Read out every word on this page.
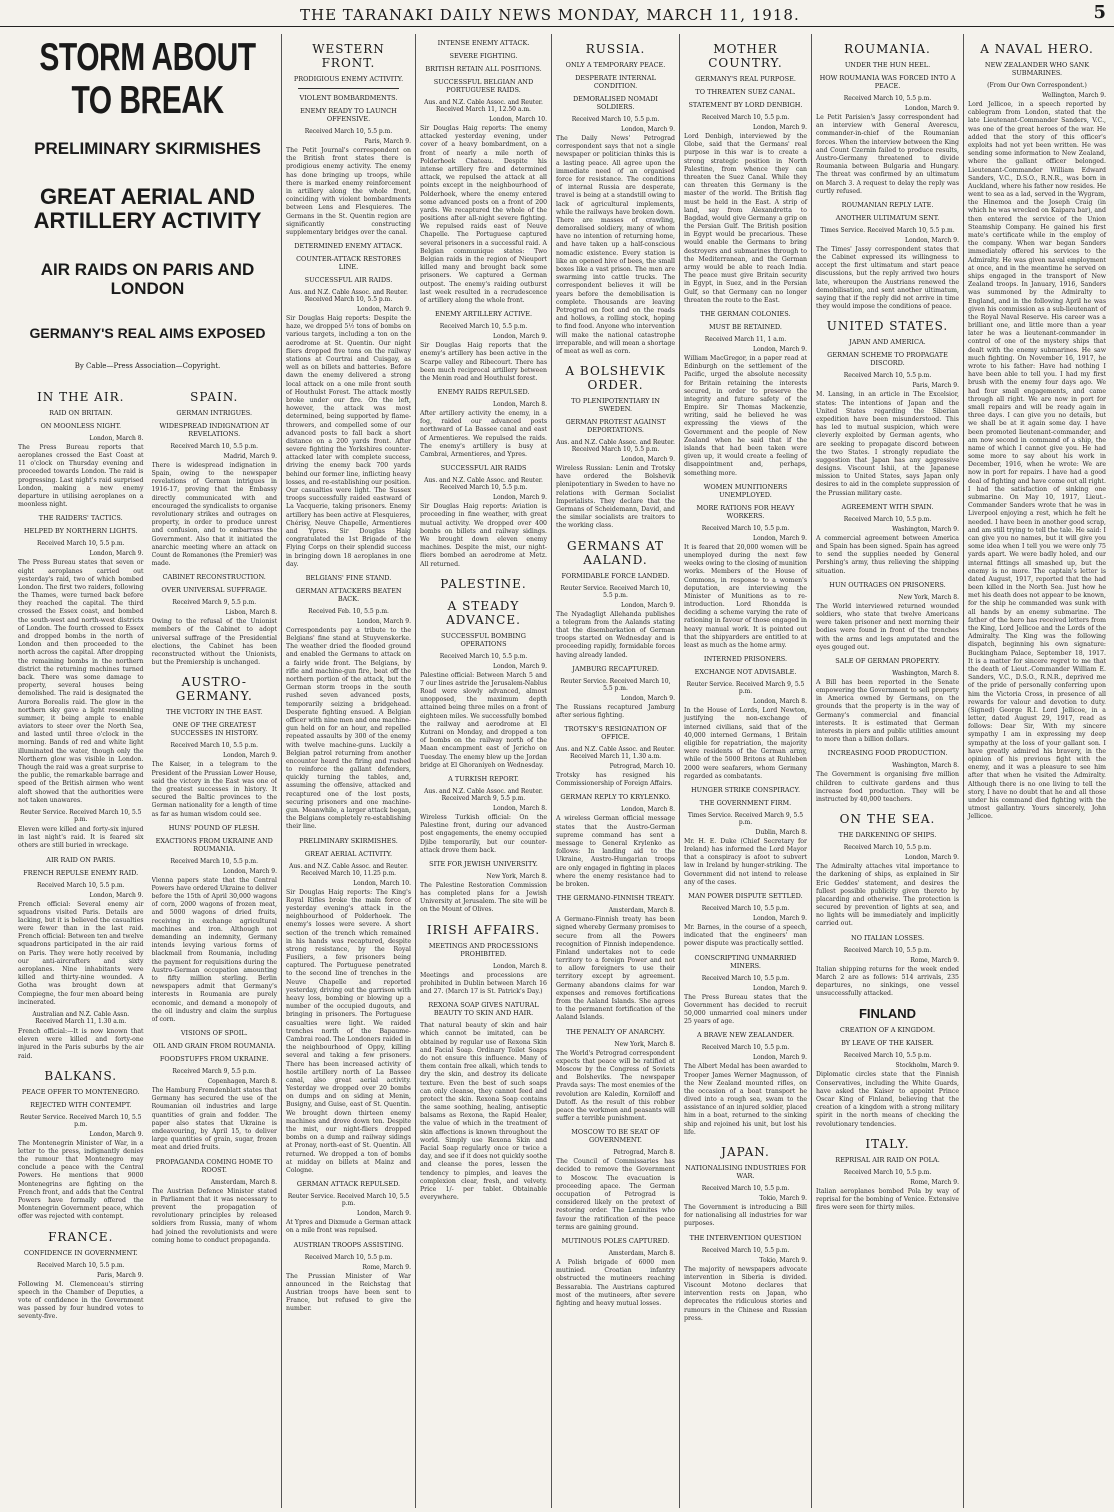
THE TARANAKI DAILY NEWS MONDAY, MARCH 11, 1918.	5
STORM ABOUT TO BREAK
PRELIMINARY SKIRMISHES
GREAT AERIAL AND ARTILLERY ACTIVITY
AIR RAIDS ON PARIS AND LONDON
GERMANY'S REAL AIMS EXPOSED
By Cable—Press Association—Copyright.
IN THE AIR.
RAID ON BRITAIN.
ON MOONLESS NIGHT.
London, March 8.

The Press Bureau reports that aeroplanes crossed the East Coast at 11 o'clock on Thursday evening and proceeded towards London. The raid is progressing. Last night's raid surprised London, making a new enemy departure in utilising aeroplanes on a moonless night.

THE RAIDERS' TACTICS.
HELPED BY NORTHERN LIGHTS.
Received March 10, 5.5 p.m.
London, March 9.

The Press Bureau states that seven or eight aeroplanes carried out yesterday's raid, two of which bombed London. The first two raiders, following the Thames, were turned back before they reached the capital. The third crossed the Essex coast, and bombed the south-west and north-west districts of London. The fourth crossed to Essex and dropped bombs in the north of London and then proceeded to the north across the capital. After dropping the remaining bombs in the northern district the returning machines turned back. There was some damage to property, several houses being demolished. The raid is designated the Aurora Borealis raid. The glow in the northern sky gave a light resembling summer, it being ample to enable aviators to steer over the North Sea, and lasted until three o'clock in the morning. Bands of red and white light illuminated the water, though only the Northern glow was visible in London. Though the raid was a great surprise to the public, the remarkable barrage and speed of the British airmen who went aloft showed that the authorities were not taken unawares.

Reuter Service. Received March 10, 5.5 p.m.

Eleven were killed and forty-six injured in last night's raid. It is feared six others are still buried in wreckage.

AIR RAID ON PARIS.
FRENCH REPULSE ENEMY RAID.
Received March 10, 5.5 p.m.
London, March 9.

French official: Several enemy air squadrons visited Paris. Details are lacking, but it is believed the casualties were fewer than in the last raid. French official: Between ten and twelve squadrons participated in the air raid on Paris. They were hotly received by our anti-aircrafters and sixty aeroplanes. Nine inhabitants were killed and thirty-nine wounded. A Gotha was brought down at Compiegne, the four men aboard being incinerated.

Australian and N.Z. Cable Assn. Received March 11, 1.30 a.m.

French official:—It is now known that eleven were killed and forty-one injured in the Paris suburbs by the air raid.

BALKANS.
PEACE OFFER TO MONTENEGRO.
REJECTED WITH CONTEMPT.
Reuter Service. Received March 10, 5.5 p.m.
London, March 9.

The Montenegrin Minister of War, in a letter to the press, indignantly denies the rumour that Montenegro may conclude a peace with the Central Powers. He mentions that 9000 Montenegrins are fighting on the French front, and adds that the Central Powers have formally offered the Montenegrin Government peace, which offer was rejected with contempt.

FRANCE.
CONFIDENCE IN GOVERNMENT.
Received March 10, 5.5 p.m.
Paris, March 9.

Following M. Clemenceau's stirring speech in the Chamber of Deputies, a vote of confidence in the Government was passed by four hundred votes to seventy-five.

SPAIN.
GERMAN INTRIGUES.
WIDESPREAD INDIGNATION AT REVELATIONS.
Received March 10, 5.5 p.m.
Madrid, March 9.

There is widespread indignation in Spain, owing to the newspaper revelations of German intrigues in 1916-17, proving that the Embassy directly communicated with and encouraged the syndicalists to organise revolutionary strikes and outrages on property, in order to produce unrest and confusion, and to embarrass the Government. Also that it initiated the anarchic meeting where an attack on Count de Romanones (the Premier) was made.

CABINET RECONSTRUCTION.
OVER UNIVERSAL SUFFRAGE.
Received March 9, 5.5 p.m.
Lisbon, March 8.

Owing to the refusal of the Unionist members of the Cabinet to adopt universal suffrage of the Presidential elections, the Cabinet has been reconstructed without the Unionists, but the Premiership is unchanged.

AUSTRO-GERMANY.
THE VICTORY IN THE EAST.
ONE OF THE GREATEST SUCCESSES IN HISTORY.
Received March 10, 5.5 p.m.
London, March 9.

The Kaiser, in a telegram to the President of the Prussian Lower House, said the victory in the East was one of the greatest successes in history. It secured the Baltic provinces to the German nationality for a length of time as far as human wisdom could see.

HUNS' POUND OF FLESH.
EXACTIONS FROM UKRAINE AND ROUMANIA.
Received March 10, 5.5 p.m.
London, March 9.

Vienna papers state that the Central Powers have ordered Ukraine to deliver before the 15th of April 30,000 wagons of corn, 2000 wagons of frozen meat, and 5000 wagons of dried fruits, receiving in exchange agricultural machines and iron. Although not demanding an indemnity, Germany intends levying various forms of blackmail from Roumania, including the payment for requisitions during the Austro-German occupation amounting to fifty million sterling. Berlin newspapers admit that Germany's interests in Roumania are purely economic, and demand a monopoly of the oil industry and claim the surplus of corn.

VISIONS OF SPOIL.
OIL AND GRAIN FROM ROUMANIA.
FOODSTUFFS FROM UKRAINE.
Received March 9, 5.5 p.m.
Copenhagen, March 8.

The Hamburg Fremdenblatt states that Germany has secured the use of the Roumanian oil industries and large quantities of grain and fodder. The paper also states that Ukraine is endeavouring, by April 15, to deliver large quantities of grain, sugar, frozen meat and dried fruits.

PROPAGANDA COMING HOME TO ROOST.
Amsterdam, March 8.

The Austrian Defence Minister stated in Parliament that it was necessary to prevent the propagation of revolutionary principles by released soldiers from Russia, many of whom had joined the revolutionists and were coming home to conduct propaganda.

WESTERN FRONT.
PRODIGIOUS ENEMY ACTIVITY.
VIOLENT BOMBARDMENTS.
ENEMY READY TO LAUNCH OFFENSIVE.
Received March 10, 5.5 p.m.
Paris, March 9.

The Petit Journal's correspondent on the British front states there is prodigious enemy activity. The enemy has done bringing up troops, while there is marked enemy reinforcement in artillery along the whole front, coinciding with violent bombardments between Lens and Flesquieres. The Germans in the St. Quentin region are significantly constructing supplementary bridges over the canal.

DETERMINED ENEMY ATTACK.
COUNTER-ATTACK RESTORES LINE.
SUCCESSFUL AIR RAIDS.
Aus. and N.Z. Cable Assoc. and Reuter. Received March 10, 5.5 p.m.
London, March 9.

Sir Douglas Haig reports: Despite the haze, we dropped 5½ tons of bombs on various targets, including a ton on the aerodrome at St. Quentin. Our night fliers dropped five tons on the railway stations at Courtrai and Cuisgay, as well as on billets and batteries. Before dawn the enemy delivered a strong local attack on a one mile front south of Houthulst Forest. The attack mostly broke under our fire. On the left, however, the attack was most determined, being supported by flame-throwers, and compelled some of our advanced posts to fall back a short distance on a 200 yards front. After severe fighting the Yorkshires counter-attacked later with complete success, driving the enemy back 700 yards behind our former line, inflicting heavy losses, and re-establishing our position. Our casualties were light. The Sussex troops successfully raided eastward of La Vacquerie, taking prisoners. Enemy artillery has been active at Flesquieres, Chérisy, Neuve Chapelle, Armentieres and Ypres. Sir Douglas Haig congratulated the 1st Brigade of the Flying Corps on their splendid success in bringing down 18 aeroplanes in one day.

BELGIANS' FINE STAND.
GERMAN ATTACKERS BEATEN BACK.
Received Feb. 10, 5.5 p.m.
London, March 9.

Correspondents pay a tribute to the Belgians' fine stand at Stuyvenskerke. The weather dried the flooded ground and enabled the Germans to attack on a fairly wide front. The Belgians, by rifle and machine-gun fire, beat off the northern portion of the attack, but the German storm troops in the south rushed seven advanced posts, temporarily seizing a bridgehead. Desperate fighting ensued. A Belgian officer with nine men and one machine-gun held on for an hour, and repelled repeated assaults by 300 of the enemy with twelve machine-guns. Luckily a Belgian patrol returning from another encounter heard the firing and rushed to reinforce the gallant defenders, quickly turning the tables, and, assuming the offensive, attacked and recaptured one of the lost posts, securing prisoners and one machine-gun. Meanwhile, a larger attack began, the Belgians completely re-establishing their line.

PRELIMINARY SKIRMISHES.
GREAT AERIAL ACTIVITY.
Aus. and N.Z. Cable Assoc. and Reuter. Received March 10, 11.25 p.m.
London, March 10.

Sir Douglas Haig reports: The King's Royal Rifles broke the main force of yesterday evening's attack in the neighbourhood of Polderhoek. The enemy's losses were severe. A short section of the trench which remained in his hands was recaptured, despite strong resistance, by the Royal Fusiliers, a few prisoners being captured. The Portuguese penetrated to the second line of trenches in the Neuve Chapelle and reported yesterday, driving out the garrison with heavy loss, bombing or blowing up a number of the occupied dugouts, and bringing in prisoners. The Portuguese casualties were light. We raided trenches north of the Bapaume-Cambrai road. The Londoners raided in the neighbourhood of Oppy, killing several and taking a few prisoners. There has been increased activity of hostile artillery north of La Bassee canal, also great aerial activity. Yesterday we dropped over 20 bombs on dumps and on siding at Menin, Busigny, and Guise, east of St. Quentin. We brought down thirteen enemy machines and drove down ten. Despite the mist, our night-fliers dropped bombs on a dump and railway sidings at Pronay, north-east of St. Quentin. All returned. We dropped a ton of bombs at midday on billets at Mainz and Cologne.

GERMAN ATTACK REPULSED.
Reuter Service. Received March 10, 5.5 p.m.
London, March 9.

At Ypres and Dixmude a German attack on a mile front was repulsed.

AUSTRIAN TROOPS ASSISTING.
Received March 10, 5.5 p.m.
Rome, March 9.

The Prussian Minister of War announced in the Reichstag that Austrian troops have been sent to France, but refused to give the number.

INTENSE ENEMY ATTACK.
SEVERE FIGHTING.
BRITISH RETAIN ALL POSITIONS.
SUCCESSFUL BELGIAN AND PORTUGUESE RAIDS.
Aus. and N.Z. Cable Assoc. and Reuter. Received March 11, 12.50 a.m.
London, March 10.

Sir Douglas Haig reports: The enemy attacked yesterday evening, under cover of a heavy bombardment, on a front of nearly a mile north of Polderhoek Chateau. Despite his intense artillery fire and determined attack, we repulsed the attack at all points except in the neighbourhood of Polderhoek, where the enemy entered some advanced posts on a front of 200 yards. We recaptured the whole of the positions after all-night severe fighting. We repulsed raids east of Neuve Chapelle. The Portuguese captured several prisoners in a successful raid. A Belgian communique states: Two Belgian raids in the region of Nieuport killed many and brought back some prisoners. We captured a German outpost. The enemy's raiding outburst last week resulted in a recrudescence of artillery along the whole front.

ENEMY ARTILLERY ACTIVE.
Received March 10, 5.5 p.m.
London, March 9.

Sir Douglas Haig reports that the enemy's artillery has been active in the Scarpe valley and Ribecourt. There has been much reciprocal artillery between the Menin road and Houthulst forest.

ENEMY RAIDS REPULSED.
London, March 8.

After artillery activity the enemy, in a fog, raided our advanced posts northward of La Bassee canal and east of Armentieres. We repulsed the raids. The enemy's artillery is busy at Cambrai, Armentieres, and Ypres.

SUCCESSFUL AIR RAIDS
Aus. and N.Z. Cable Assoc. and Reuter. Received March 10, 5.5 p.m.
London, March 9.

Sir Douglas Haig reports: Aviation is proceeding in fine weather, with great mutual activity. We dropped over 400 bombs on billets and railway sidings. We brought down eleven enemy machines. Despite the mist, our night-fliers bombed an aerodrome at Metz. All returned.

PALESTINE.
A STEADY ADVANCE.
SUCCESSFUL BOMBING OPERATIONS
Received March 10, 5.5 p.m.
London, March 9.

Palestine official: Between March 5 and 7 our lines astride the Jerusalem-Nablus Road were slowly advanced, almost unopposed, the maximum depth attained being three miles on a front of eighteen miles. We successfully bombed the railway and aerodrome at El Kutrani on Monday, and dropped a ton of bombs on the railway north of the Maan encampment east of Jericho on Tuesday. The enemy blew up the Jordan bridge at El Ghoraniyeh on Wednesday.

A TURKISH REPORT.
Aus. and N.Z. Cable Assoc. and Reuter. Received March 9, 5.5 p.m.
London, March 8.

Wireless Turkish official: On the Palestine front, during our advanced post engagements, the enemy occupied Djibe temporarily, but our counter-attack drove them back.

SITE FOR JEWISH UNIVERSITY.
New York, March 8.

The Palestine Restoration Commission has completed plans for a Jewish University at Jerusalem. The site will be on the Mount of Olives.

IRISH AFFAIRS.
MEETINGS AND PROCESSIONS PROHIBITED.
London, March 8.

Meetings and processions are prohibited in Dublin between March 16 and 27. (March 17 is St. Patrick's Day.)

REXONA SOAP GIVES NATURAL BEAUTY TO SKIN AND HAIR.

That natural beauty of skin and hair which cannot be imitated, can be obtained by regular use of Rexona Skin and Facial Soap. Ordinary Toilet Soaps do not ensure this influence. Many of them contain free alkali, which tends to dry the skin, and destroy its delicate texture. Even the best of such soaps can only cleanse, they cannot feed and protect the skin. Rexona Soap contains the same soothing, healing, antiseptic balsams as Rexona, the Rapid Healer, the value of which in the treatment of skin affections is known throughout the world. Simply use Rexona Skin and Facial Soap regularly once or twice a day, and see if it does not quickly soothe and cleanse the pores, lessen the tendency to pimples, and leaves the complexion clear, fresh, and velvety. Price 1/- per tablet. Obtainable everywhere.

RUSSIA.
ONLY A TEMPORARY PEACE.
DESPERATE INTERNAL CONDITION.
DEMORALISED NOMADI SOLDIERS.
Received March 10, 5.5 p.m.
London, March 9.

The Daily News' Petrograd correspondent says that not a single newspaper or politician thinks this is a lasting peace. All agree upon the immediate need of an organised force for resistance. The conditions of internal Russia are desperate, travel is being at a standstill owing to lack of agricultural implements, while the railways have broken down. There are masses of crawling, demoralised soldiery, many of whom have no intention of returning home, and have taken up a half-conscious nomadic existence. Every station is like an opened hive of bees, the small boxes like a vast prison. The men are swarming into cattle trucks. The correspondent believes it will be years before the demobilisation is complete. Thousands are leaving Petrograd on foot and on the roads and hollows, a rolling stock, hoping to find food. Anyone who intervention will make the national catastrophe irreparable, and will mean a shortage of meat as well as corn.

A BOLSHEVIK ORDER.
TO PLENIPOTENTIARY IN SWEDEN.
GERMAN PROTEST AGAINST DEPORTATIONS.
Aus. and N.Z. Cable Assoc. and Reuter. Received March 10, 5.5 p.m.
London, March 9.

Wireless Russian: Lenin and Trotsky have ordered the Bolshevik plenipotentiary in Sweden to have no relations with German Socialist Imperialists. They declare that the Germans of Scheidemann, David, and the similar socialists are traitors to the working class.

GERMANS AT AALAND.
FORMIDABLE FORCE LANDED.
Reuter Service. Received March 10, 5.5 p.m.
London, March 9.

The Nyadagligt Allehanda publishes a telegram from the Aalands stating that the disembarkation of German troops started on Wednesday and is proceeding rapidly, formidable forces having already landed.

JAMBURG RECAPTURED.
Reuter Service. Received March 10, 5.5 p.m.
London, March 9.

The Russians recaptured Jamburg after serious fighting.

TROTSKY'S RESIGNATION OF OFFICE.
Aus. and N.Z. Cable Assoc. and Reuter. Received March 11, 1.30 a.m.
Petrograd, March 10.

Trotsky has resigned his Commissionership of Foreign Affairs.

GERMAN REPLY TO KRYLENKO.
London, March 8.

A wireless German official message states that the Austro-German supreme command has sent a message to General Krylenko as follows: In landing aid to the Ukraine, Austro-Hungarian troops are only engaged in fighting in places where the enemy resistance had to be broken.

THE GERMANO-FINNISH TREATY.
Amsterdam, March 8.

A Germano-Finnish treaty has been signed whereby Germany promises to secure from all the Powers recognition of Finnish independence. Finland undertakes not to cede territory to a foreign Power and not to allow foreigners to use their territory except by agreement. Germany abandons claims for war expenses and removes fortifications from the Aaland Islands. She agrees to the permanent fortification of the Aaland Islands.

THE PENALTY OF ANARCHY.
New York, March 8.

The World's Petrograd correspondent expects that peace will be ratified at Moscow by the Congress of Soviets and Bolsheviks. The newspaper Pravda says: The most enemies of the revolution are Kaledin, Korniloff and Dutoff. As the result of this robber peace the workmen and peasants will suffer a terrible punishment.

MOSCOW TO BE SEAT OF GOVERNMENT.
Petrograd, March 8.

The Council of Commissaries has decided to remove the Government to Moscow. The evacuation is proceeding apace. The German occupation of Petrograd is considered likely on the pretext of restoring order. The Leninites who favour the ratification of the peace terms are gaining ground.

MUTINOUS POLES CAPTURED.
Amsterdam, March 8.

A Polish brigade of 6000 men mutinied. Croatian infantry obstructed the mutineers reaching Bessarabia. The Austrians captured most of the mutineers, after severe fighting and heavy mutual losses.

MOTHER COUNTRY.
GERMANY'S REAL PURPOSE.
TO THREATEN SUEZ CANAL.
STATEMENT BY LORD DENBIGH.
Received March 10, 5.5 p.m.
London, March 9.

Lord Denbigh, interviewed by the Globe, said that the Germans' real purpose in this war is to create a strong strategic position in North Palestine, from whence they can threaten the Suez Canal. While they can threaten this Germany is the master of the world. The British flag must be held in the East. A strip of land, say from Alexandretta to Bagdad, would give Germany a grip on the Persian Gulf. The British position in Egypt would be precarious. These would enable the Germans to bring destroyers and submarines through to the Mediterranean, and the German army would be able to reach India. The peace must give Britain security in Egypt, in Suez, and in the Persian Gulf, so that Germany can no longer threaten the route to the East.

THE GERMAN COLONIES.
MUST BE RETAINED.
Received March 11, 1 a.m.
London, March 9.

William MacGregor, in a paper read at Edinburgh on the settlement of the Pacific, urged the absolute necessity for Britain retaining the interests secured, in order to preserve the integrity and future safety of the Empire. Sir Thomas Mackenzie, writing, said he believed he was expressing the views of the Government and the people of New Zealand when he said that if the islands that had been taken were given up, it would create a feeling of disappointment and, perhaps, something more.

WOMEN MUNITIONERS UNEMPLOYED.
MORE RATIONS FOR HEAVY WORKERS.
Received March 10, 5.5 p.m.
London, March 9.

It is feared that 20,000 women will be unemployed during the next few weeks owing to the closing of munition works. Members of the House of Commons, in response to a women's deputation, are interviewing the Minister of Munitions as to re-introduction. Lord Rhondda is deciding a scheme varying the rate of rationing in favour of those engaged in heavy manual work. It is pointed out that the shipyarders are entitled to at least as much as the home army.

INTERNED PRISONERS.
EXCHANGE NOT ADVISABLE.
Reuter Service. Received March 9, 5.5 p.m.
London, March 8.

In the House of Lords, Lord Newton, justifying the non-exchange of interned civilians, said that of the 40,000 interned Germans, 1 Britain eligible for repatriation, the majority were residents of the German army, while of the 5000 Britons at Ruhleben 2000 were seafarers, whom Germany regarded as combatants.

HUNGER STRIKE CONSPIRACY.
THE GOVERNMENT FIRM.
Times Service. Received March 9, 5.5 p.m.
Dublin, March 8.

Mr. H. E. Duke (Chief Secretary for Ireland) has informed the Lord Mayor that a conspiracy is afoot to subvert law in Ireland by hunger-striking. The Government did not intend to release any of the cases.

MAN POWER DISPUTE SETTLED.
Received March 10, 5.5 p.m.
London, March 9.

Mr. Barnes, in the course of a speech, indicated that the engineers' man power dispute was practically settled.

CONSCRIPTING UNMARRIED MINERS.
Received March 10, 5.5 p.m.
London, March 9.

The Press Bureau states that the Government has decided to recruit 50,000 unmarried coal miners under 25 years of age.

A BRAVE NEW ZEALANDER.
Received March 10, 5.5 p.m.
London, March 9.

The Albert Medal has been awarded to Trooper James Werner Magnusson, of the New Zealand mounted rifles, on the occasion of a boat transport he dived into a rough sea, swam to the assistance of an injured soldier, placed him in a boat, returned to the sinking ship and rejoined his unit, but lost his life.

JAPAN.
NATIONALISING INDUSTRIES FOR WAR.
Received March 10, 5.5 p.m.
Tokio, March 9.

The Government is introducing a Bill for nationalising all industries for war purposes.

THE INTERVENTION QUESTION
Received March 10, 5.5 p.m.
Tokio, March 9.

The majority of newspapers advocate intervention in Siberia is divided. Viscount Motono declares that intervention rests on Japan, who deprecates the ridiculous stories and rumours in the Chinese and Russian press.

ROUMANIA.
UNDER THE HUN HEEL.
HOW ROUMANIA WAS FORCED INTO A PEACE.
Received March 10, 5.5 p.m.
London, March 9.

Le Petit Parisien's Jassy correspondent had an interview with General Averescu, commander-in-chief of the Roumanian forces. When the interview between the King and Count Czernin failed to produce results, Austro-Germany threatened to divide Roumania between Bulgaria and Hungary. The threat was confirmed by an ultimatum on March 3. A request to delay the reply was curtly refused.

ROUMANIAN REPLY LATE.
ANOTHER ULTIMATUM SENT.
Times Service. Received March 10, 5.5 p.m.
London, March 9.

The Times' Jassy correspondent states that the Cabinet expressed its willingness to accept the first ultimatum and start peace discussions, but the reply arrived two hours late, whereupon the Austrians renewed the demobilisation, and sent another ultimatum, saying that if the reply did not arrive in time they would impose the conditions of peace.

UNITED STATES.
JAPAN AND AMERICA.
GERMAN SCHEME TO PROPAGATE DISCORD.
Received March 10, 5.5 p.m.
Paris, March 9.

M. Lansing, in an article in The Excelsior, states: The intentions of Japan and the United States regarding the Siberian expedition have been misunderstood. This has led to mutual suspicion, which were cleverly exploited by German agents, who are seeking to propagate discord between the two States. I strongly repudiate the suggestion that Japan has any aggressive designs. Viscount Ishii, at the Japanese mission to United States, says Japan only desires to aid in the complete suppression of the Prussian military caste.

AGREEMENT WITH SPAIN.
Received March 10, 5.5 p.m.
Washington, March 9.

A commercial agreement between America and Spain has been signed. Spain has agreed to send the supplies needed by General Pershing's army, thus relieving the shipping situation.

HUN OUTRAGES ON PRISONERS.
New York, March 8.

The World interviewed returned wounded soldiers, who state that twelve Americans were taken prisoner and next morning their bodies were found in front of the trenches with the arms and legs amputated and the eyes gouged out.

SALE OF GERMAN PROPERTY.
Washington, March 8.

A Bill has been reported in the Senate empowering the Government to sell property in America owned by Germans, on the grounds that the property is in the way of Germany's commercial and financial interests. It is estimated that German interests in piers and public utilities amount to more than a billion dollars.

INCREASING FOOD PRODUCTION.
Washington, March 8.

The Government is organising five million children to cultivate gardens and thus increase food production. They will be instructed by 40,000 teachers.

ON THE SEA.
THE DARKENING OF SHIPS.
Received March 10, 5.5 p.m.
London, March 9.

The Admiralty attaches vital importance to the darkening of ships, as explained in Sir Eric Geddes' statement, and desires the fullest possible publicity given thereto by placarding and otherwise. The protection is secured by prevention of lights at sea, and no lights will be immediately and implicitly carried out.

NO ITALIAN LOSSES.
Received March 10, 5.5 p.m.
Rome, March 9.

Italian shipping returns for the week ended March 2 are as follows: 514 arrivals, 235 departures, no sinkings, one vessel unsuccessfully attacked.

FINLAND
CREATION OF A KINGDOM.
BY LEAVE OF THE KAISER.
Received March 10, 5.5 p.m.
Stockholm, March 9.

Diplomatic circles state that the Finnish Conservatives, including the White Guards, have asked the Kaiser to appoint Prince Oscar King of Finland, believing that the creation of a kingdom with a strong military spirit in the north means of checking the revolutionary tendencies.

ITALY.
REPRISAL AIR RAID ON POLA.
Received March 10, 5.5 p.m.
Rome, March 9.

Italian aeroplanes bombed Pola by way of reprisal for the bombing of Venice. Extensive fires were seen for thirty miles.

A NAVAL HERO.
NEW ZEALANDER WHO SANK SUBMARINES.
(From Our Own Correspondent.)
Wellington, March 9.

Lord Jellicoe, in a speech reported by cablegram from London, stated that the late Lieutenant-Commander Sanders, V.C., was one of the great heroes of the war. He added that the story of this officer's exploits had not yet been written. He was sending some information to New Zealand, where the gallant officer belonged. Lieutenant-Commander William Edward Sanders, V.C., D.S.O., R.N.R., was born in Auckland, where his father now resides. He went to sea as a lad, served in the Wygram, the Hinemoa and the Joseph Craig (in which he was wrecked on Kaipara bar), and then entered the service of the Union Steamship Company. He gained his first mate's certificate while in the employ of the company. When war began Sanders immediately offered his services to the Admiralty. He was given naval employment at once, and in the meantime he served on ships engaged in the transport of New Zealand troops. In January, 1916, Sanders was summoned by the Admiralty to England, and in the following April he was given his commission as a sub-lieutenant of the Royal Naval Reserve. His career was a brilliant one, and little more than a year later he was a lieutenant-commander in control of one of the mystery ships that dealt with the enemy submarines. He saw much fighting. On November 16, 1917, he wrote to his father: Have had nothing I have been able to tell you. I had my first brush with the enemy four days ago. We had four small engagements, and came through all right. We are now in port for small repairs and will be ready again in three days. I can give you no details, but we shall be at it again some day. I have been promoted lieutenant-commander, and am now second in command of a ship, the name of which I cannot give you. He had some more to say about his work in December, 1916, when he wrote: We are now in port for repairs. I have had a good deal of fighting and have come out all right. I had the satisfaction of sinking one submarine. On May 10, 1917, Lieut.-Commander Sanders wrote that he was in Liverpool enjoying a rest, which he felt he needed. I have been in another good scrap, and am still trying to tell the tale. He said: I can give you no names, but it will give you some idea when I tell you we were only 75 yards apart. We were badly holed, and our internal fittings all smashed up, but the enemy is no more. The captain's letter is dated August, 1917, reported that the had been killed in the North Sea. Just how he met his death does not appear to be known, for the ship he commanded was sunk with all hands by an enemy submarine. The father of the hero has received letters from the King, Lord Jellicoe and the Lords of the Admiralty. The King was the following dispatch, beginning his own signature: Buckingham Palace, September 18, 1917. It is a matter for sincere regret to me that the death of Lieut.-Commander William E. Sanders, V.C., D.S.O., R.N.R., deprived me of the pride of personally conferring upon him the Victoria Cross, in presence of all rewards for valour and devotion to duty. (Signed) George R.I. Lord Jellicoe, in a letter, dated August 29, 1917, read as follows: Dear Sir, With my sincere sympathy I am in expressing my deep sympathy at the loss of your gallant son. I have greatly admired his bravery, in the opinion of his previous fight with the enemy, and it was a pleasure to see him after that when he visited the Admiralty. Although there is no one living to tell the story, I have no doubt that he and all those under his command died fighting with the utmost gallantry. Yours sincerely, John Jellicoe.
